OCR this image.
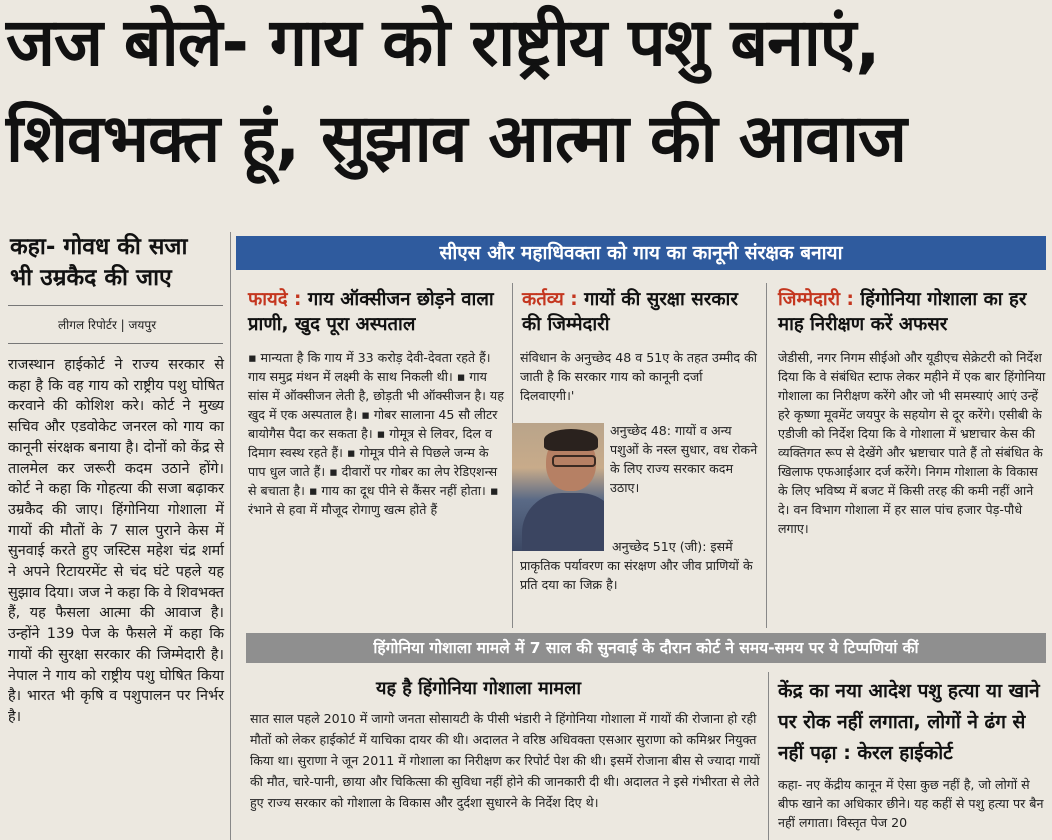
जज बोले- गाय को राष्ट्रीय पशु बनाएं,
शिवभक्त हूं, सुझाव आत्मा की आवाज
कहा- गोवध की सजा
भी उम्रकैद की जाए
लीगल रिपोर्टर | जयपुर

राजस्थान हाईकोर्ट ने राज्य सरकार से कहा है कि वह गाय को राष्ट्रीय पशु घोषित करवाने की कोशिश करे। कोर्ट ने मुख्य सचिव और एडवोकेट जनरल को गाय का कानूनी संरक्षक बनाया है। दोनों को केंद्र से तालमेल कर जरूरी कदम उठाने होंगे। कोर्ट ने कहा कि गोहत्या की सजा बढ़ाकर उम्रकैद की जाए। हिंगोनिया गोशाला में गायों की मौतों के 7 साल पुराने केस में सुनवाई करते हुए जस्टिस महेश चंद्र शर्मा ने अपने रिटायरमेंट से चंद घंटे पहले यह सुझाव दिया। जज ने कहा कि वे शिवभक्त हैं, यह फैसला आत्मा की आवाज है। उन्होंने 139 पेज के फैसले में कहा कि गायों की सुरक्षा सरकार की जिम्मेदारी है। नेपाल ने गाय को राष्ट्रीय पशु घोषित किया है। भारत भी कृषि व पशुपालन पर निर्भर है।

सीएस और महाधिवक्ता को गाय का कानूनी संरक्षक बनाया
फायदे : गाय ऑक्सीजन छोड़ने वाला प्राणी, खुद पूरा अस्पताल

▪ मान्यता है कि गाय में 33 करोड़ देवी-देवता रहते हैं। गाय समुद्र मंथन में लक्ष्मी के साथ निकली थी। ▪ गाय सांस में ऑक्सीजन लेती है, छोड़ती भी ऑक्सीजन है। यह खुद में एक अस्पताल है। ▪ गोबर सालाना 45 सौ लीटर बायोगैस पैदा कर सकता है। ▪ गोमूत्र से लिवर, दिल व दिमाग स्वस्थ रहते हैं। ▪ गोमूत्र पीने से पिछले जन्म के पाप धुल जाते हैं। ▪ दीवारों पर गोबर का लेप रेडिएशन्स से बचाता है। ▪ गाय का दूध पीने से कैंसर नहीं होता। ▪ रंभाने से हवा में मौजूद रोगाणु खत्म होते हैं

कर्तव्य : गायों की सुरक्षा सरकार की जिम्मेदारी

संविधान के अनुच्छेद 48 व 51ए के तहत उम्मीद की जाती है कि सरकार गाय को कानूनी दर्जा दिलवाएगी।'

अनुच्छेद 48: गायों व अन्य पशुओं के नस्ल सुधार, वध रोकने के लिए राज्य सरकार कदम उठाए।

अनुच्छेद 51ए (जी): इसमें प्राकृतिक पर्यावरण का संरक्षण और जीव प्राणियों के प्रति दया का जिक्र है।

जिम्मेदारी : हिंगोनिया गोशाला का हर माह निरीक्षण करें अफसर

जेडीसी, नगर निगम सीईओ और यूडीएच सेक्रेटरी को निर्देश दिया कि वे संबंधित स्टाफ लेकर महीने में एक बार हिंगोनिया गोशाला का निरीक्षण करेंगे और जो भी समस्याएं आएं उन्हें हरे कृष्णा मूवमेंट जयपुर के सहयोग से दूर करेंगे। एसीबी के एडीजी को निर्देश दिया कि वे गोशाला में भ्रष्टाचार केस की व्यक्तिगत रूप से देखेंगे और भ्रष्टाचार पाते हैं तो संबंधित के खिलाफ एफआईआर दर्ज करेंगे। निगम गोशाला के विकास के लिए भविष्य में बजट में किसी तरह की कमी नहीं आने दे। वन विभाग गोशाला में हर साल पांच हजार पेड़-पौधे लगाए।

हिंगोनिया गोशाला मामले में 7 साल की सुनवाई के दौरान कोर्ट ने समय-समय पर ये टिप्पणियां कीं
यह है हिंगोनिया गोशाला मामला

सात साल पहले 2010 में जागो जनता सोसायटी के पीसी भंडारी ने हिंगोनिया गोशाला में गायों की रोजाना हो रही मौतों को लेकर हाईकोर्ट में याचिका दायर की थी। अदालत ने वरिष्ठ अधिवक्ता एसआर सुराणा को कमिश्नर नियुक्त किया था। सुराणा ने जून 2011 में गोशाला का निरीक्षण कर रिपोर्ट पेश की थी। इसमें रोजाना बीस से ज्यादा गायों की मौत, चारे-पानी, छाया और चिकित्सा की सुविधा नहीं होने की जानकारी दी थी। अदालत ने इसे गंभीरता से लेते हुए राज्य सरकार को गोशाला के विकास और दुर्दशा सुधारने के निर्देश दिए थे।

केंद्र का नया आदेश पशु हत्या या खाने पर रोक नहीं लगाता, लोगों ने ढंग से नहीं पढ़ा : केरल हाईकोर्ट

कहा- नए केंद्रीय कानून में ऐसा कुछ नहीं है, जो लोगों से बीफ खाने का अधिकार छीने। यह कहीं से पशु हत्या पर बैन नहीं लगाता। विस्तृत पेज 20
